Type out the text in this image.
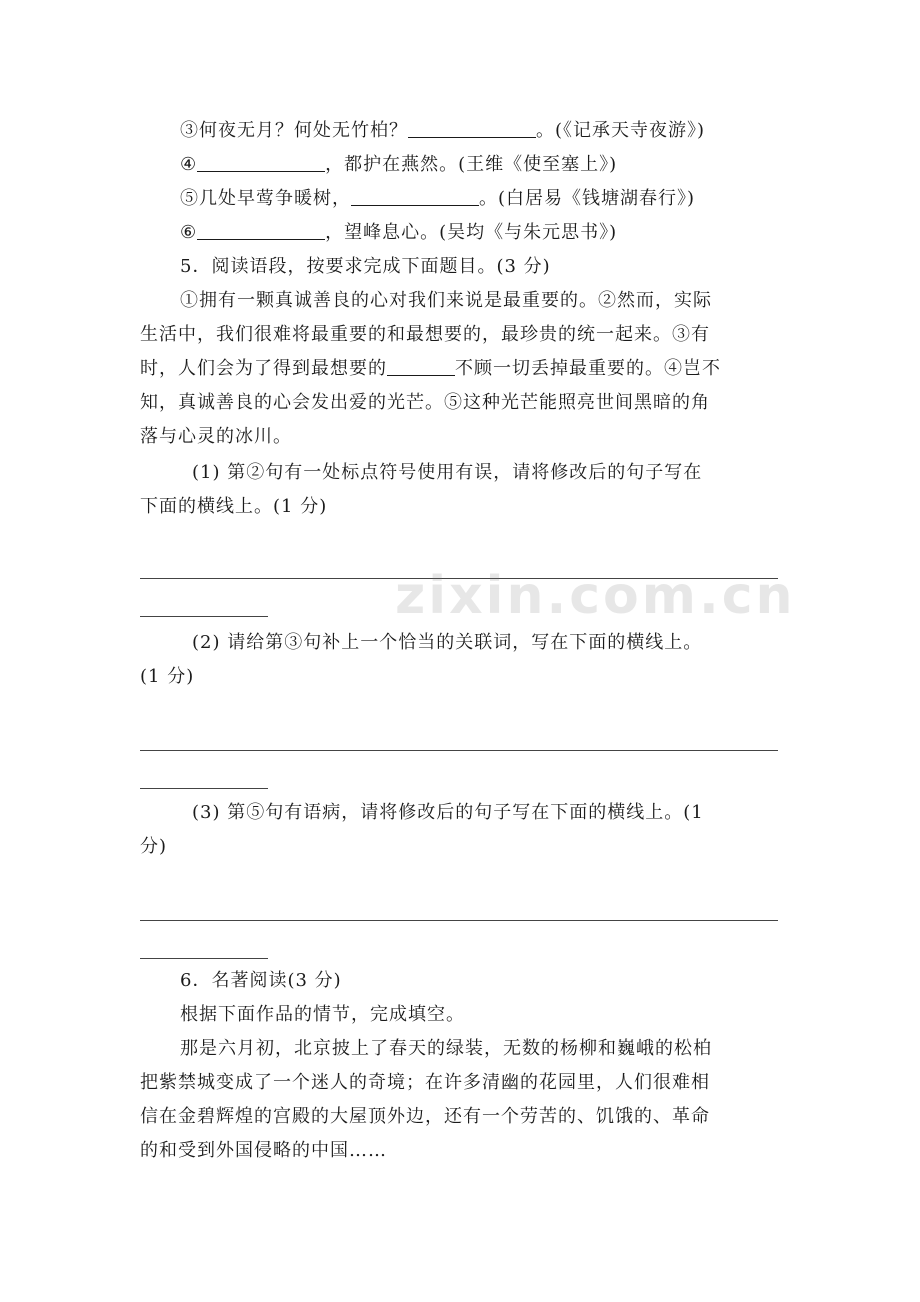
③何夜无月？何处无竹柏？	。(《记承天寺夜游》)
④	，都护在燕然。(王维《使至塞上》)
⑤几处早莺争暖树，	。(白居易《钱塘湖春行》)
⑥	，望峰息心。(吴均《与朱元思书》)
5．阅读语段，按要求完成下面题目。(3 分)
①拥有一颗真诚善良的心对我们来说是最重要的。②然而，实际
生活中，我们很难将最重要的和最想要的，最珍贵的统一起来。③有
时，人们会为了得到最想要的	不顾一切丢掉最重要的。④岂不
知，真诚善良的心会发出爱的光芒。⑤这种光芒能照亮世间黑暗的角
落与心灵的冰川。
(1) 第②句有一处标点符号使用有误，请将修改后的句子写在
下面的横线上。(1 分)
(2) 请给第③句补上一个恰当的关联词，写在下面的横线上。
(1 分)
(3) 第⑤句有语病，请将修改后的句子写在下面的横线上。(1
分)
6．名著阅读(3 分)
根据下面作品的情节，完成填空。
那是六月初，北京披上了春天的绿装，无数的杨柳和巍峨的松柏
把紫禁城变成了一个迷人的奇境；在许多清幽的花园里，人们很难相
信在金碧辉煌的宫殿的大屋顶外边，还有一个劳苦的、饥饿的、革命
的和受到外国侵略的中国……
zixin.com.cn
